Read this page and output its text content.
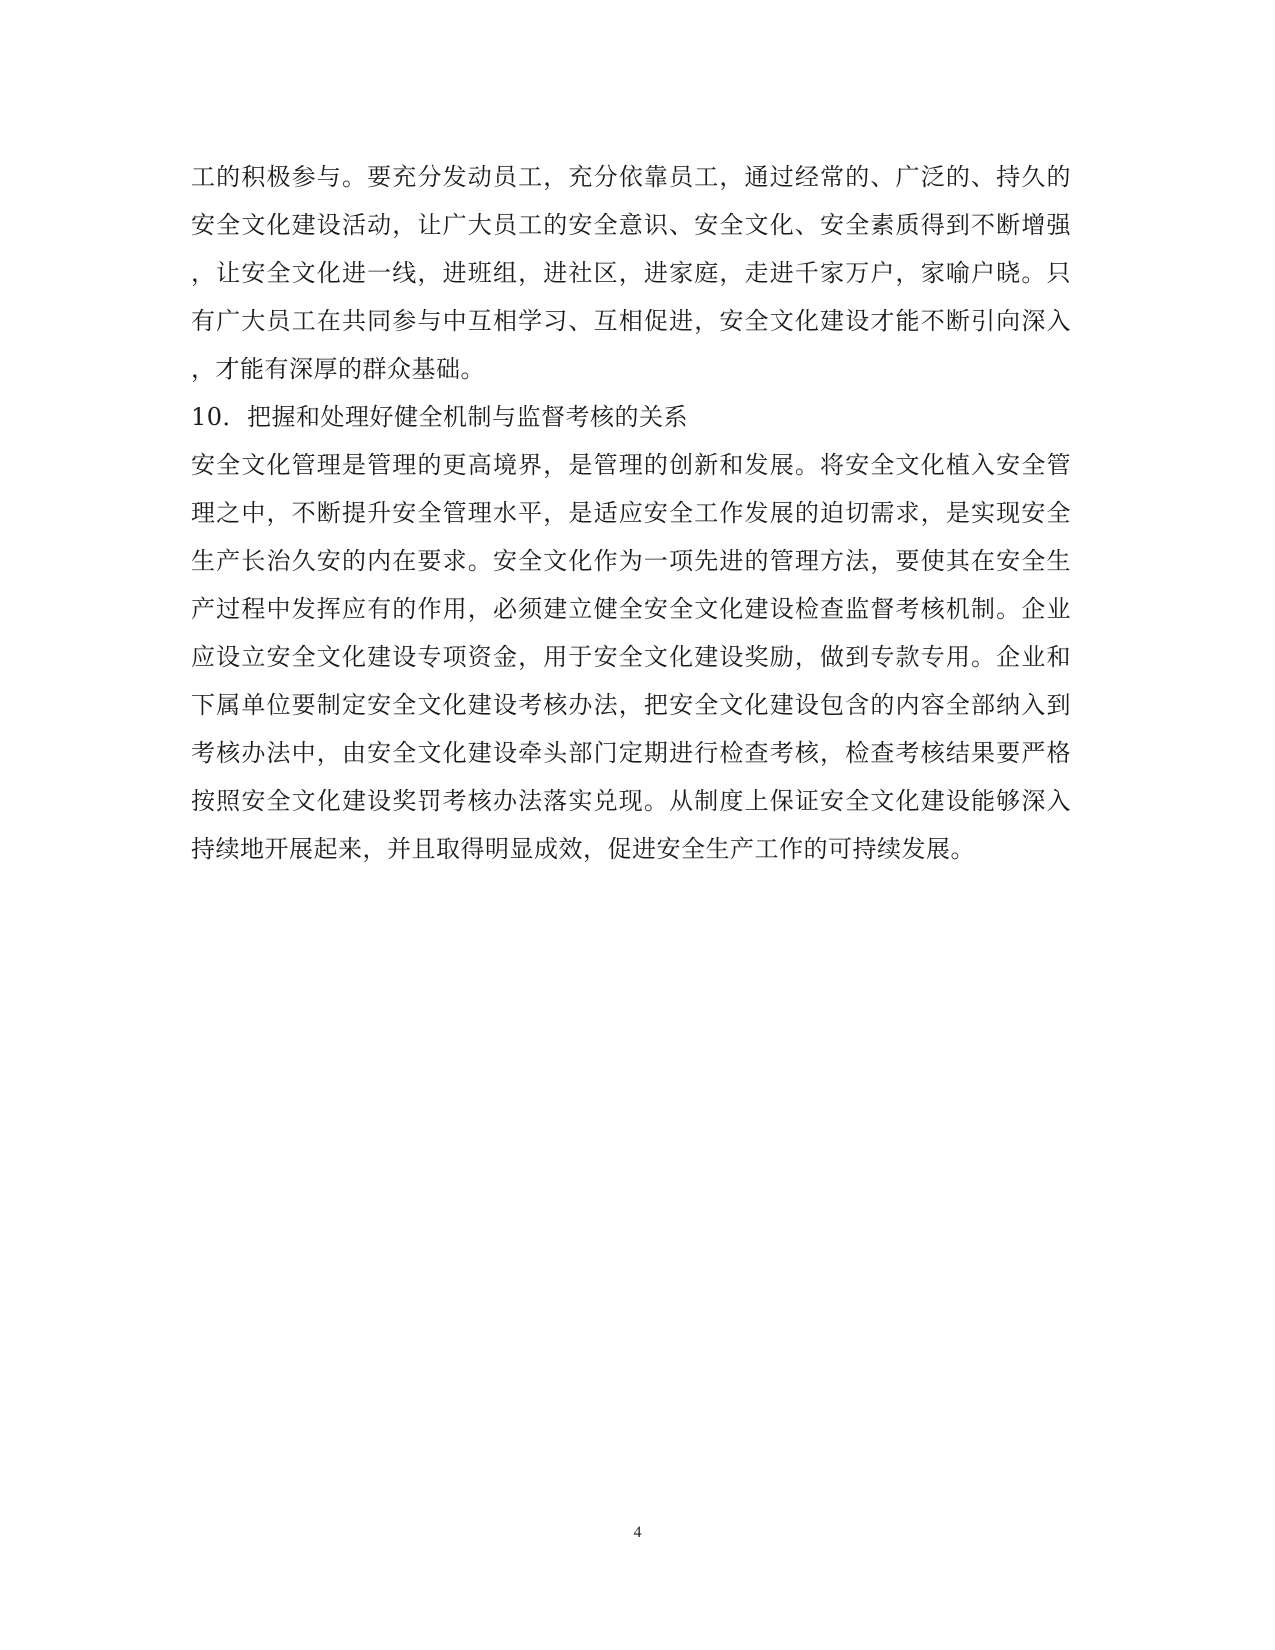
工的积极参与。要充分发动员工，充分依靠员工，通过经常的、广泛的、持久的
安全文化建设活动，让广大员工的安全意识、安全文化、安全素质得到不断增强
，让安全文化进一线，进班组，进社区，进家庭，走进千家万户，家喻户晓。只
有广大员工在共同参与中互相学习、互相促进，安全文化建设才能不断引向深入
，才能有深厚的群众基础。
10．把握和处理好健全机制与监督考核的关系
安全文化管理是管理的更高境界，是管理的创新和发展。将安全文化植入安全管
理之中，不断提升安全管理水平，是适应安全工作发展的迫切需求，是实现安全
生产长治久安的内在要求。安全文化作为一项先进的管理方法，要使其在安全生
产过程中发挥应有的作用，必须建立健全安全文化建设检查监督考核机制。企业
应设立安全文化建设专项资金，用于安全文化建设奖励，做到专款专用。企业和
下属单位要制定安全文化建设考核办法，把安全文化建设包含的内容全部纳入到
考核办法中，由安全文化建设牵头部门定期进行检查考核，检查考核结果要严格
按照安全文化建设奖罚考核办法落实兑现。从制度上保证安全文化建设能够深入
持续地开展起来，并且取得明显成效，促进安全生产工作的可持续发展。
4
